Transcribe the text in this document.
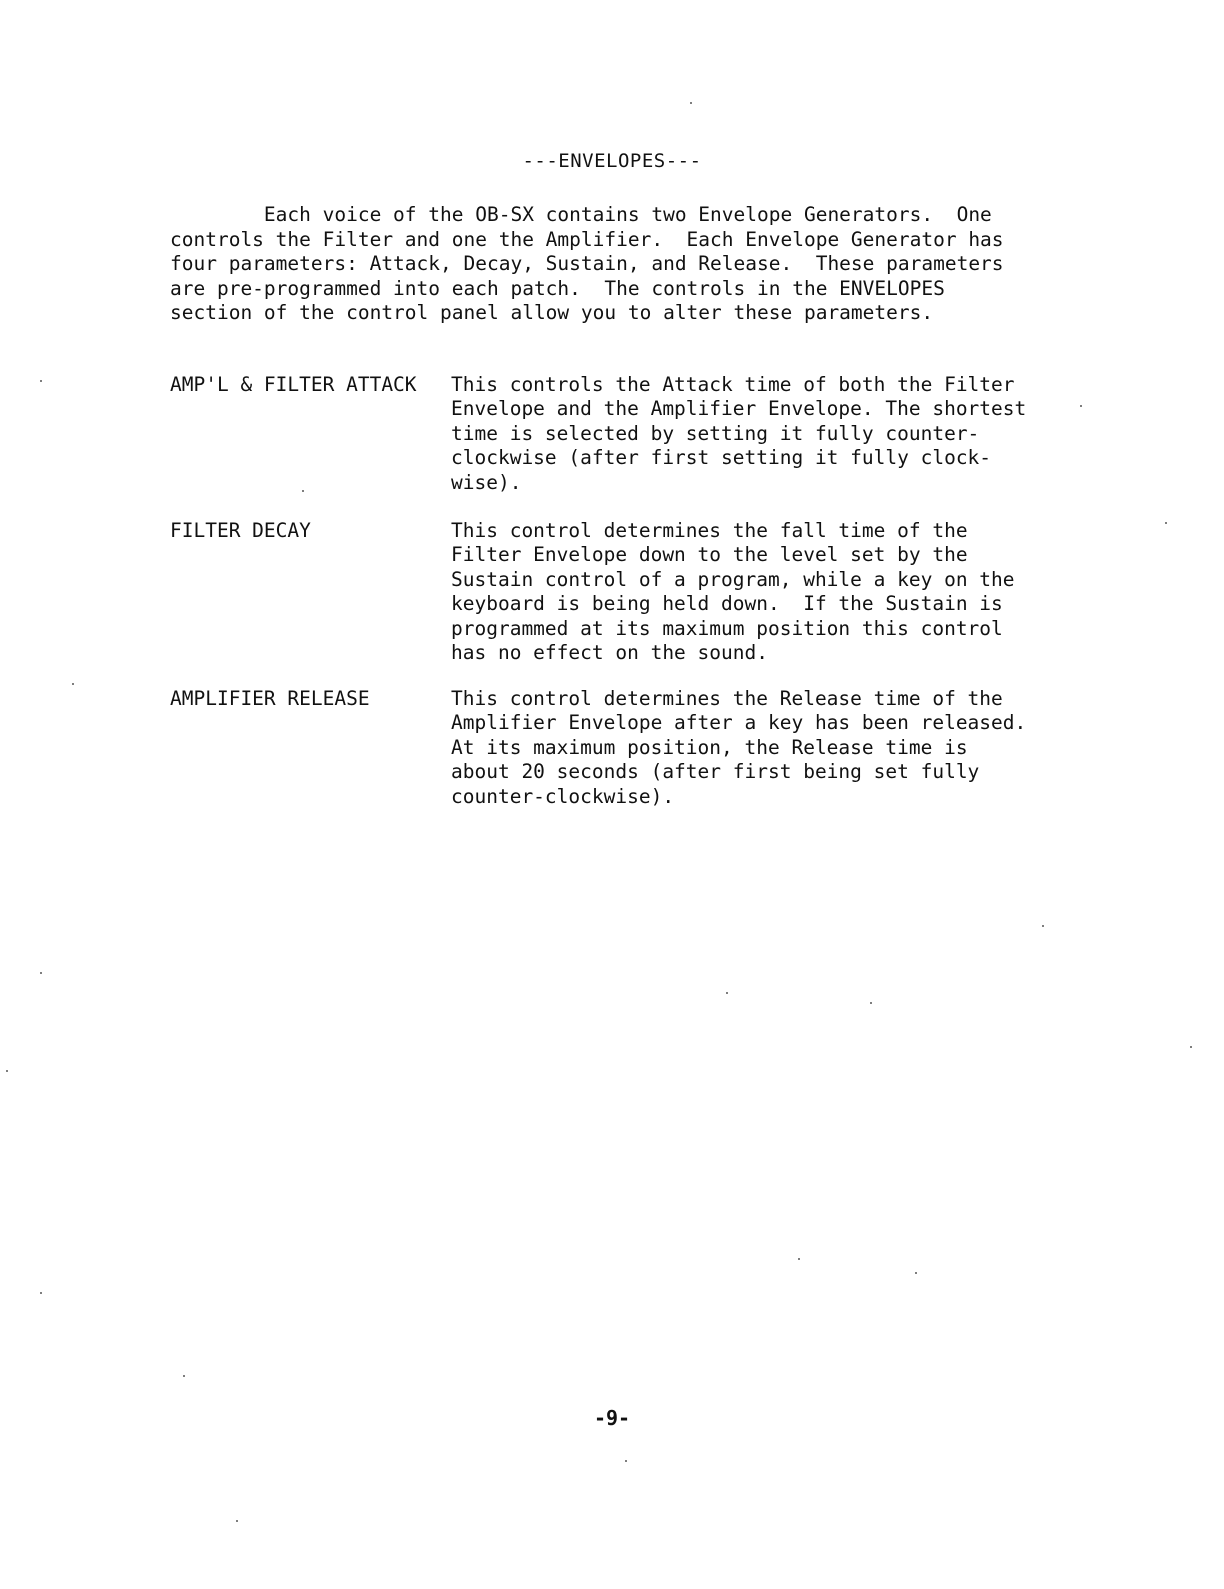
---ENVELOPES---
Each voice of the OB-SX contains two Envelope Generators.  One
controls the Filter and one the Amplifier.  Each Envelope Generator has
four parameters: Attack, Decay, Sustain, and Release.  These parameters
are pre-programmed into each patch.  The controls in the ENVELOPES
section of the control panel allow you to alter these parameters.
AMP'L & FILTER ATTACK This controls the Attack time of both the Filter
Envelope and the Amplifier Envelope. The shortest
time is selected by setting it fully counter-
clockwise (after first setting it fully clock-
wise).
FILTER DECAY	This control determines the fall time of the
Filter Envelope down to the level set by the
Sustain control of a program, while a key on the
keyboard is being held down.  If the Sustain is
programmed at its maximum position this control
has no effect on the sound.
AMPLIFIER RELEASE	This control determines the Release time of the
Amplifier Envelope after a key has been released.
At its maximum position, the Release time is
about 20 seconds (after first being set fully
counter-clockwise).
-9-
